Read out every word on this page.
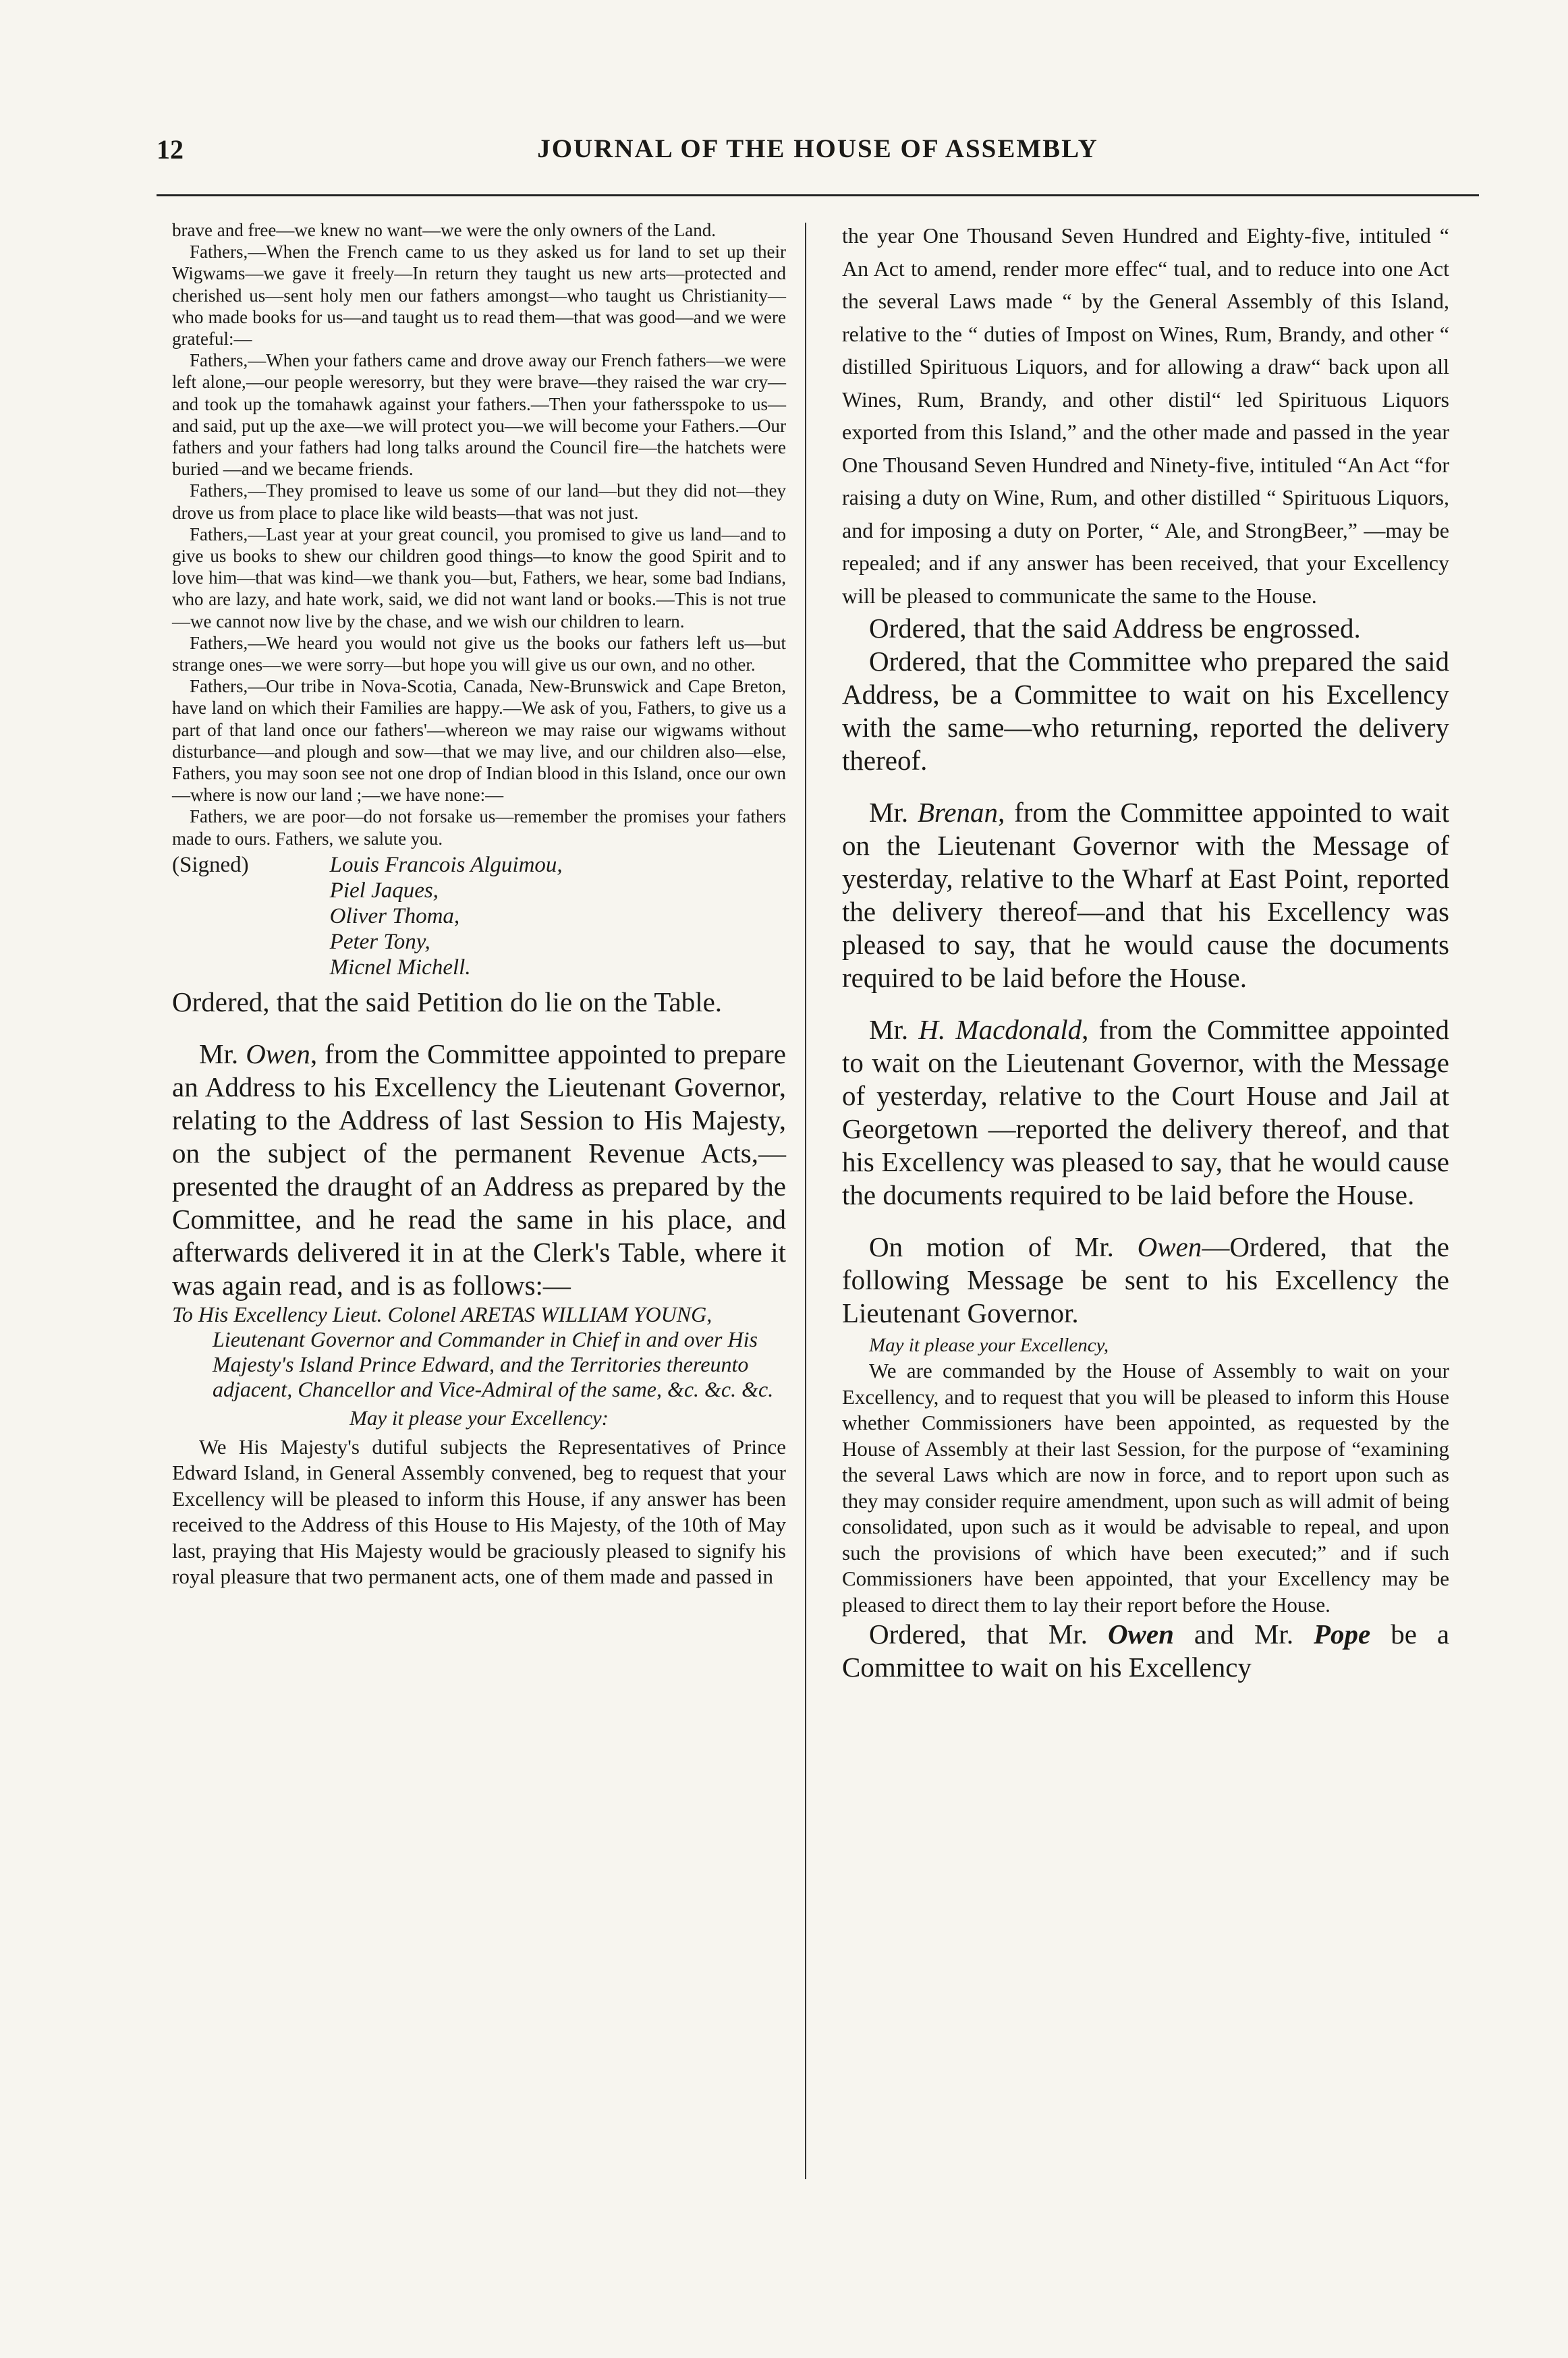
12	JOURNAL OF THE HOUSE OF ASSEMBLY

brave and free—we knew no want—we were the only owners of the Land.

Fathers,—When the French came to us they asked us for land to set up their Wigwams—we gave it freely—In return they taught us new arts—protected and cherished us—sent holy men our fathers amongst—who taught us Christianity—who made books for us—and taught us to read them—that was good—and we were grateful:—

Fathers,—When your fathers came and drove away our French fathers—we were left alone,—our people weresorry, but they were brave—they raised the war cry—and took up the tomahawk against your fathers.—Then your fathersspoke to us—and said, put up the axe—we will protect you—we will become your Fathers.—Our fathers and your fathers had long talks around the Council fire—the hatchets were buried —and we became friends.

Fathers,—They promised to leave us some of our land—but they did not—they drove us from place to place like wild beasts—that was not just.

Fathers,—Last year at your great council, you promised to give us land—and to give us books to shew our children good things—to know the good Spirit and to love him—that was kind—we thank you—but, Fathers, we hear, some bad Indians, who are lazy, and hate work, said, we did not want land or books.—This is not true—we cannot now live by the chase, and we wish our children to learn.

Fathers,—We heard you would not give us the books our fathers left us—but strange ones—we were sorry—but hope you will give us our own, and no other.

Fathers,—Our tribe in Nova-Scotia, Canada, New-Brunswick and Cape Breton, have land on which their Families are happy.—We ask of you, Fathers, to give us a part of that land once our fathers'—whereon we may raise our wigwams without disturbance—and plough and sow—that we may live, and our children also—else, Fathers, you may soon see not one drop of Indian blood in this Island, once our own —where is now our land ;—we have none:—

Fathers, we are poor—do not forsake us—remember the promises your fathers made to ours. Fathers, we salute you.

(Signed)	Louis Francois Alguimou,
Piel Jaques,
Oliver Thoma,
Peter Tony,
Micnel Michell.

Ordered, that the said Petition do lie on the Table.

Mr. Owen, from the Committee appointed to prepare an Address to his Excellency the Lieutenant Governor, relating to the Address of last Session to His Majesty, on the subject of the permanent Revenue Acts,—presented the draught of an Address as prepared by the Committee, and he read the same in his place, and afterwards delivered it in at the Clerk's Table, where it was again read, and is as follows:—

To His Excellency Lieut. Colonel ARETAS WILLIAM YOUNG, Lieutenant Governor and Commander in Chief in and over His Majesty's Island Prince Edward, and the Territories thereunto adjacent, Chancellor and Vice-Admiral of the same, &c. &c. &c.

May it please your Excellency:

We His Majesty's dutiful subjects the Representatives of Prince Edward Island, in General Assembly convened, beg to request that your Excellency will be pleased to inform this House, if any answer has been received to the Address of this House to His Majesty, of the 10th of May last, praying that His Majesty would be graciously pleased to signify his royal pleasure that two permanent acts, one of them made and passed in

the year One Thousand Seven Hundred and Eighty-five, intituled “ An Act to amend, render more effec“ tual, and to reduce into one Act the several Laws made “ by the General Assembly of this Island, relative to the “ duties of Impost on Wines, Rum, Brandy, and other “ distilled Spirituous Liquors, and for allowing a draw“ back upon all Wines, Rum, Brandy, and other distil“ led Spirituous Liquors exported from this Island,” and the other made and passed in the year One Thousand Seven Hundred and Ninety-five, intituled “An Act “for raising a duty on Wine, Rum, and other distilled “ Spirituous Liquors, and for imposing a duty on Porter, “ Ale, and StrongBeer,” —may be repealed; and if any answer has been received, that your Excellency will be pleased to communicate the same to the House.

Ordered, that the said Address be engrossed.

Ordered, that the Committee who prepared the said Address, be a Committee to wait on his Excellency with the same—who returning, reported the delivery thereof.

Mr. Brenan, from the Committee appointed to wait on the Lieutenant Governor with the Message of yesterday, relative to the Wharf at East Point, reported the delivery thereof—and that his Excellency was pleased to say, that he would cause the documents required to be laid before the House.

Mr. H. Macdonald, from the Committee appointed to wait on the Lieutenant Governor, with the Message of yesterday, relative to the Court House and Jail at Georgetown —reported the delivery thereof, and that his Excellency was pleased to say, that he would cause the documents required to be laid before the House.

On motion of Mr. Owen—Ordered, that the following Message be sent to his Excellency the Lieutenant Governor.

May it please your Excellency,

We are commanded by the House of Assembly to wait on your Excellency, and to request that you will be pleased to inform this House whether Commissioners have been appointed, as requested by the House of Assembly at their last Session, for the purpose of “examining the several Laws which are now in force, and to report upon such as they may consider require amendment, upon such as will admit of being consolidated, upon such as it would be advisable to repeal, and upon such the provisions of which have been executed;” and if such Commissioners have been appointed, that your Excellency may be pleased to direct them to lay their report before the House.

Ordered, that Mr. Owen and Mr. Pope be a Committee to wait on his Excellency
